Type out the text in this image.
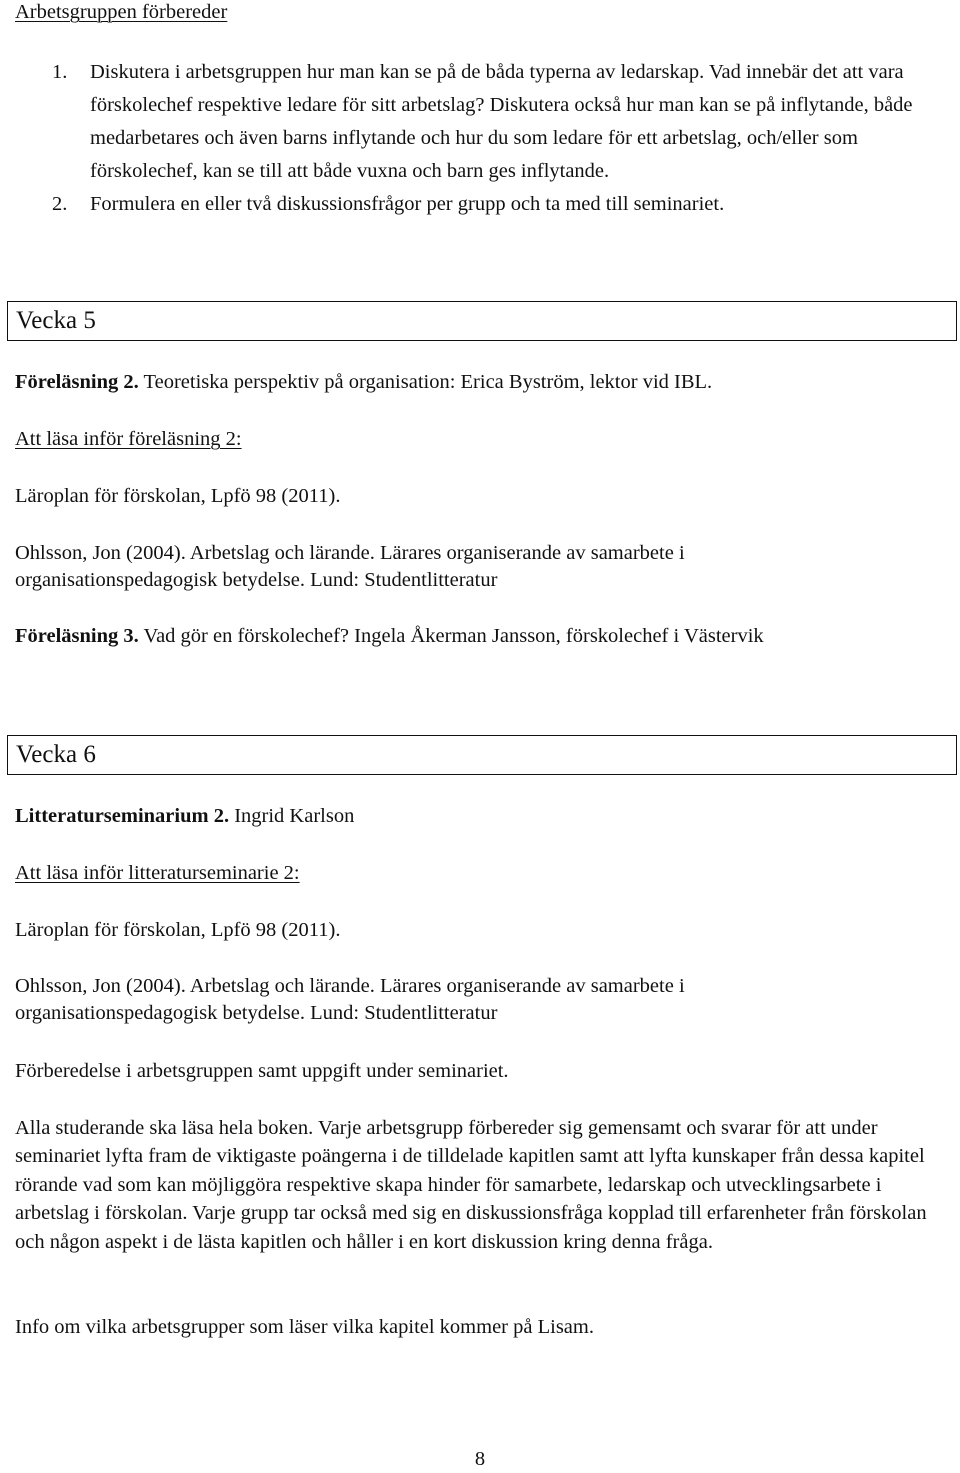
Arbetsgruppen förbereder
1. Diskutera i arbetsgruppen hur man kan se på de båda typerna av ledarskap. Vad innebär det att vara förskolechef respektive ledare för sitt arbetslag? Diskutera också hur man kan se på inflytande, både medarbetares och även barns inflytande och hur du som ledare för ett arbetslag, och/eller som förskolechef, kan se till att både vuxna och barn ges inflytande.
2. Formulera en eller två diskussionsfrågor per grupp och ta med till seminariet.
Vecka 5
Föreläsning 2. Teoretiska perspektiv på organisation: Erica Byström, lektor vid IBL.
Att läsa inför föreläsning 2:
Läroplan för förskolan, Lpfö 98 (2011).
Ohlsson, Jon (2004). Arbetslag och lärande. Lärares organiserande av samarbete i
organisationspedagogisk betydelse. Lund: Studentlitteratur
Föreläsning 3. Vad gör en förskolechef? Ingela Åkerman Jansson, förskolechef i Västervik
Vecka 6
Litteraturseminarium 2. Ingrid Karlson
Att läsa inför litteraturseminarie 2:
Läroplan för förskolan, Lpfö 98 (2011).
Ohlsson, Jon (2004). Arbetslag och lärande. Lärares organiserande av samarbete i
organisationspedagogisk betydelse. Lund: Studentlitteratur
Förberedelse i arbetsgruppen samt uppgift under seminariet.

Alla studerande ska läsa hela boken. Varje arbetsgrupp förbereder sig gemensamt och svarar för att under seminariet lyfta fram de viktigaste poängerna i de tilldelade kapitlen samt att lyfta kunskaper från dessa kapitel rörande vad som kan möjliggöra respektive skapa hinder för samarbete, ledarskap och utvecklingsarbete i arbetslag i förskolan. Varje grupp tar också med sig en diskussionsfråga kopplad till erfarenheter från förskolan och någon aspekt i de lästa kapitlen och håller i en kort diskussion kring denna fråga.

Info om vilka arbetsgrupper som läser vilka kapitel kommer på Lisam.
8
